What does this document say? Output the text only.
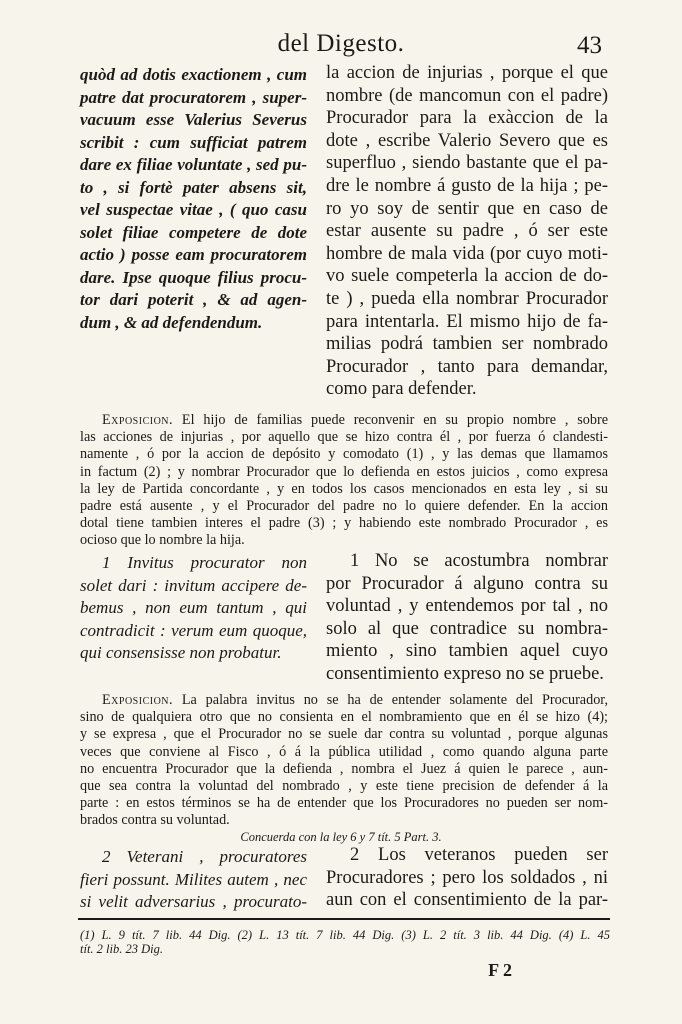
del Digesto.	43
quòd ad dotis exactionem , cum
patre dat procuratorem , super-
vacuum esse Valerius Severus
scribit : cum sufficiat patrem
dare ex filiae voluntate , sed pu-
to , si fortè pater absens sit,
vel suspectae vitae , ( quo casu
solet filiae competere de dote
actio ) posse eam procuratorem
dare. Ipse quoque filius procu-
tor dari poterit , & ad agen-
dum , & ad defendendum.
la accion de injurias , porque el que
nombre (de mancomun con el padre)
Procurador para la exàccion de la
dote , escribe Valerio Severo que es
superfluo , siendo bastante que el pa-
dre le nombre á gusto de la hija ; pe-
ro yo soy de sentir que en caso de
estar ausente su padre , ó ser este
hombre de mala vida (por cuyo moti-
vo suele competerla la accion de do-
te ) , pueda ella nombrar Procurador
para intentarla. El mismo hijo de fa-
milias podrá tambien ser nombrado
Procurador , tanto para demandar,
como para defender.
Exposicion. El hijo de familias puede reconvenir en su propio nombre , sobre
las acciones de injurias , por aquello que se hizo contra él , por fuerza ó clandesti-
namente , ó por la accion de depósito y comodato (1) , y las demas que llamamos
in factum (2) ; y nombrar Procurador que lo defienda en estos juicios , como expresa
la ley de Partida concordante , y en todos los casos mencionados en esta ley , si su
padre está ausente , y el Procurador del padre no lo quiere defender. En la accion
dotal tiene tambien interes el padre (3) ; y habiendo este nombrado Procurador , es
ocioso que lo nombre la hija.
1 Invitus procurator non
solet dari : invitum accipere de-
bemus , non eum tantum , qui
contradicit : verum eum quoque,
qui consensisse non probatur.
1 No se acostumbra nombrar
por Procurador á alguno contra su
voluntad , y entendemos por tal , no
solo al que contradice su nombra-
miento , sino tambien aquel cuyo
consentimiento expreso no se pruebe.
Exposicion. La palabra invitus no se ha de entender solamente del Procurador,
sino de qualquiera otro que no consienta en el nombramiento que en él se hizo (4);
y se expresa , que el Procurador no se suele dar contra su voluntad , porque algunas
veces que conviene al Fisco , ó á la pública utilidad , como quando alguna parte
no encuentra Procurador que la defienda , nombra el Juez á quien le parece , aun-
que sea contra la voluntad del nombrado , y este tiene precision de defender á la
parte : en estos términos se ha de entender que los Procuradores no pueden ser nom-
brados contra su voluntad.
Concuerda con la ley 6 y 7 tít. 5 Part. 3.
2 Veterani , procuratores
fieri possunt. Milites autem , nec
si velit adversarius , procurato-
2 Los veteranos pueden ser
Procuradores ; pero los soldados , ni
aun con el consentimiento de la par-
(1) L. 9 tít. 7 lib. 44 Dig. (2) L. 13 tít. 7 lib. 44 Dig. (3) L. 2 tít. 3 lib. 44 Dig. (4) L. 45
tít. 2 lib. 23 Dig.
F 2
